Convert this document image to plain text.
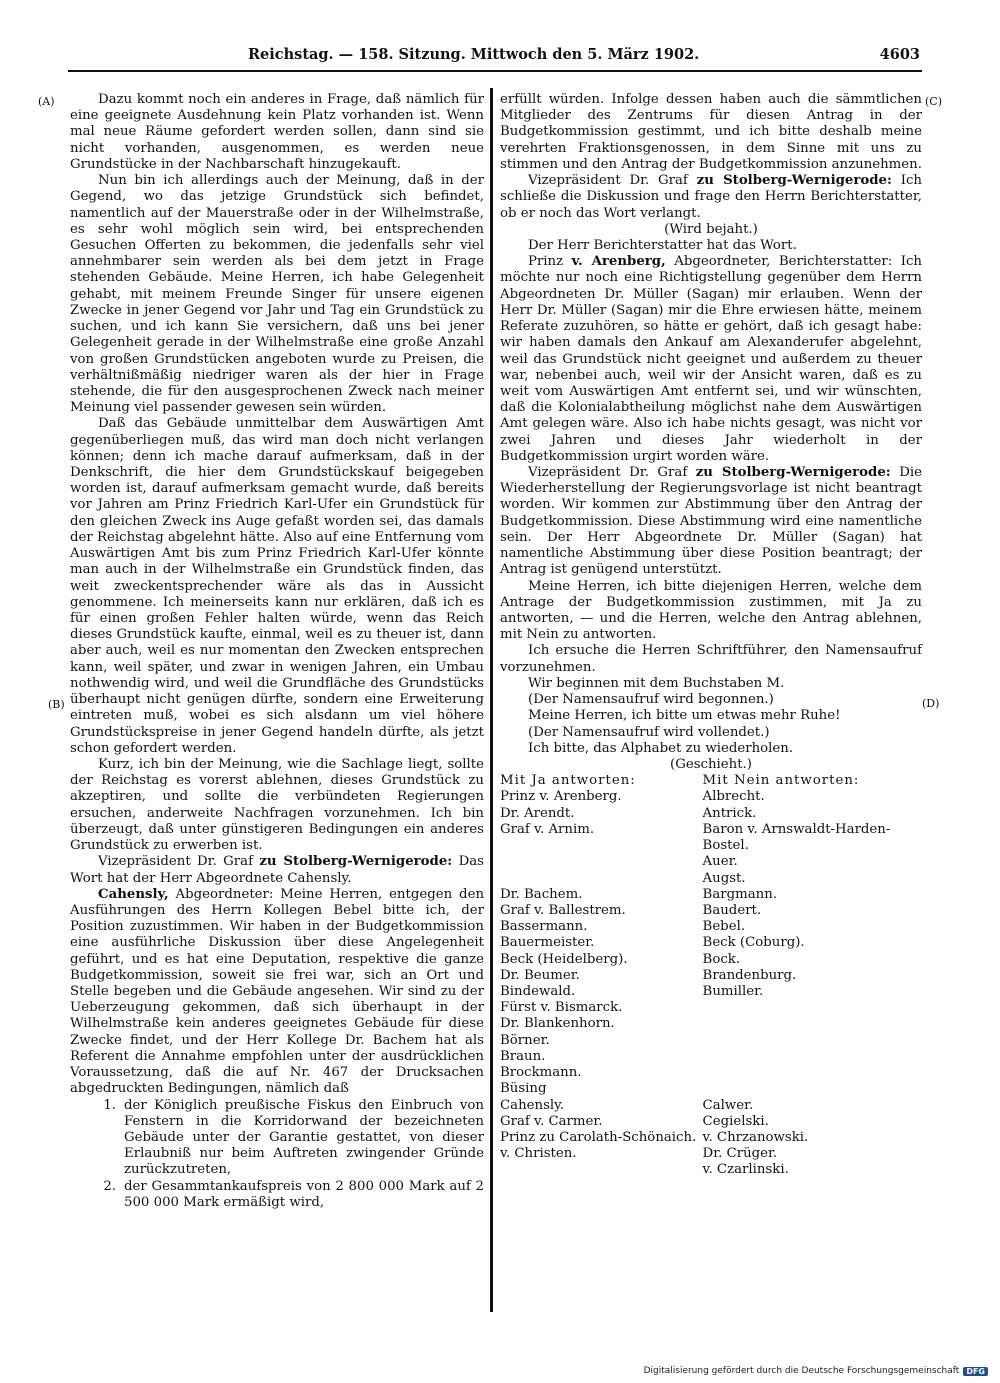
Reichstag. — 158. Sitzung. Mittwoch den 5. März 1902.	4603
(A)
(B)
(C)
(D)

Dazu kommt noch ein anderes in Frage, daß nämlich für eine geeignete Ausdehnung kein Platz vorhanden ist. Wenn mal neue Räume gefordert werden sollen, dann sind sie nicht vorhanden, ausgenommen, es werden neue Grundstücke in der Nachbarschaft hinzugekauft.

Nun bin ich allerdings auch der Meinung, daß in der Gegend, wo das jetzige Grundstück sich befindet, namentlich auf der Mauerstraße oder in der Wilhelmstraße, es sehr wohl möglich sein wird, bei entsprechenden Gesuchen Offerten zu bekommen, die jedenfalls sehr viel annehmbarer sein werden als bei dem jetzt in Frage stehenden Gebäude. Meine Herren, ich habe Gelegenheit gehabt, mit meinem Freunde Singer für unsere eigenen Zwecke in jener Gegend vor Jahr und Tag ein Grundstück zu suchen, und ich kann Sie versichern, daß uns bei jener Gelegenheit gerade in der Wilhelmstraße eine große Anzahl von großen Grundstücken angeboten wurde zu Preisen, die verhältnißmäßig niedriger waren als der hier in Frage stehende, die für den ausgesprochenen Zweck nach meiner Meinung viel passender gewesen sein würden.

Daß das Gebäude unmittelbar dem Auswärtigen Amt gegenüberliegen muß, das wird man doch nicht verlangen können; denn ich mache darauf aufmerksam, daß in der Denkschrift, die hier dem Grundstückskauf beigegeben worden ist, darauf aufmerksam gemacht wurde, daß bereits vor Jahren am Prinz Friedrich Karl-Ufer ein Grundstück für den gleichen Zweck ins Auge gefaßt worden sei, das damals der Reichstag abgelehnt hätte. Also auf eine Entfernung vom Auswärtigen Amt bis zum Prinz Friedrich Karl-Ufer könnte man auch in der Wilhelmstraße ein Grundstück finden, das weit zweckentsprechender wäre als das in Aussicht genommene. Ich meinerseits kann nur erklären, daß ich es für einen großen Fehler halten würde, wenn das Reich dieses Grundstück kaufte, einmal, weil es zu theuer ist, dann aber auch, weil es nur momentan den Zwecken entsprechen kann, weil später, und zwar in wenigen Jahren, ein Umbau nothwendig wird, und weil die Grundfläche des Grundstücks überhaupt nicht genügen dürfte, sondern eine Erweiterung eintreten muß, wobei es sich alsdann um viel höhere Grundstückspreise in jener Gegend handeln dürfte, als jetzt schon gefordert werden.

Kurz, ich bin der Meinung, wie die Sachlage liegt, sollte der Reichstag es vorerst ablehnen, dieses Grundstück zu akzeptiren, und sollte die verbündeten Regierungen ersuchen, anderweite Nachfragen vorzunehmen. Ich bin überzeugt, daß unter günstigeren Bedingungen ein anderes Grundstück zu erwerben ist.

Vizepräsident Dr. Graf zu Stolberg-Wernigerode: Das Wort hat der Herr Abgeordnete Cahensly.

Cahensly, Abgeordneter: Meine Herren, entgegen den Ausführungen des Herrn Kollegen Bebel bitte ich, der Position zuzustimmen. Wir haben in der Budgetkommission eine ausführliche Diskussion über diese Angelegenheit geführt, und es hat eine Deputation, respektive die ganze Budgetkommission, soweit sie frei war, sich an Ort und Stelle begeben und die Gebäude angesehen. Wir sind zu der Ueberzeugung gekommen, daß sich überhaupt in der Wilhelmstraße kein anderes geeignetes Gebäude für diese Zwecke findet, und der Herr Kollege Dr. Bachem hat als Referent die Annahme empfohlen unter der ausdrücklichen Voraussetzung, daß die auf Nr. 467 der Drucksachen abgedruckten Bedingungen, nämlich daß

1. der Königlich preußische Fiskus den Einbruch von Fenstern in die Korridorwand der bezeichneten Gebäude unter der Garantie gestattet, von dieser Erlaubniß nur beim Auftreten zwingender Gründe zurückzutreten,
2. der Gesammtankaufspreis von 2 800 000 Mark auf 2 500 000 Mark ermäßigt wird,

erfüllt würden. Infolge dessen haben auch die sämmtlichen Mitglieder des Zentrums für diesen Antrag in der Budgetkommission gestimmt, und ich bitte deshalb meine verehrten Fraktionsgenossen, in dem Sinne mit uns zu stimmen und den Antrag der Budgetkommission anzunehmen.

Vizepräsident Dr. Graf zu Stolberg-Wernigerode: Ich schließe die Diskussion und frage den Herrn Berichterstatter, ob er noch das Wort verlangt.

(Wird bejaht.)

Der Herr Berichterstatter hat das Wort.

Prinz v. Arenberg, Abgeordneter, Berichterstatter: Ich möchte nur noch eine Richtigstellung gegenüber dem Herrn Abgeordneten Dr. Müller (Sagan) mir erlauben. Wenn der Herr Dr. Müller (Sagan) mir die Ehre erwiesen hätte, meinem Referate zuzuhören, so hätte er gehört, daß ich gesagt habe: wir haben damals den Ankauf am Alexanderufer abgelehnt, weil das Grundstück nicht geeignet und außerdem zu theuer war, nebenbei auch, weil wir der Ansicht waren, daß es zu weit vom Auswärtigen Amt entfernt sei, und wir wünschten, daß die Kolonialabtheilung möglichst nahe dem Auswärtigen Amt gelegen wäre. Also ich habe nichts gesagt, was nicht vor zwei Jahren und dieses Jahr wiederholt in der Budgetkommission urgirt worden wäre.

Vizepräsident Dr. Graf zu Stolberg-Wernigerode: Die Wiederherstellung der Regierungsvorlage ist nicht beantragt worden. Wir kommen zur Abstimmung über den Antrag der Budgetkommission. Diese Abstimmung wird eine namentliche sein. Der Herr Abgeordnete Dr. Müller (Sagan) hat namentliche Abstimmung über diese Position beantragt; der Antrag ist genügend unterstützt.

Meine Herren, ich bitte diejenigen Herren, welche dem Antrage der Budgetkommission zustimmen, mit Ja zu antworten, — und die Herren, welche den Antrag ablehnen, mit Nein zu antworten.

Ich ersuche die Herren Schriftführer, den Namensaufruf vorzunehmen.

Wir beginnen mit dem Buchstaben M.

(Der Namensaufruf wird begonnen.)

Meine Herren, ich bitte um etwas mehr Ruhe!

(Der Namensaufruf wird vollendet.)

Ich bitte, das Alphabet zu wiederholen.

(Geschieht.)

Mit Ja antworten:	Mit Nein antworten:
Prinz v. Arenberg.	Albrecht.
Dr. Arendt.	Antrick.
Graf v. Arnim.	Baron v. Arnswaldt-Harden-
	Bostel.
	Auer.
	Augst.
Dr. Bachem.	Bargmann.
Graf v. Ballestrem.	Baudert.
Bassermann.	Bebel.
Bauermeister.	Beck (Coburg).
Beck (Heidelberg).	Bock.
Dr. Beumer.	Brandenburg.
Bindewald.	Bumiller.
Fürst v. Bismarck.	
Dr. Blankenhorn.	
Börner.	
Braun.	
Brockmann.	
Büsing	
Cahensly.	Calwer.
Graf v. Carmer.	Cegielski.
Prinz zu Carolath-Schönaich.	v. Chrzanowski.
v. Christen.	Dr. Crüger.
	v. Czarlinski.
Digitalisierung gefördert durch die Deutsche Forschungsgemeinschaft DFG
